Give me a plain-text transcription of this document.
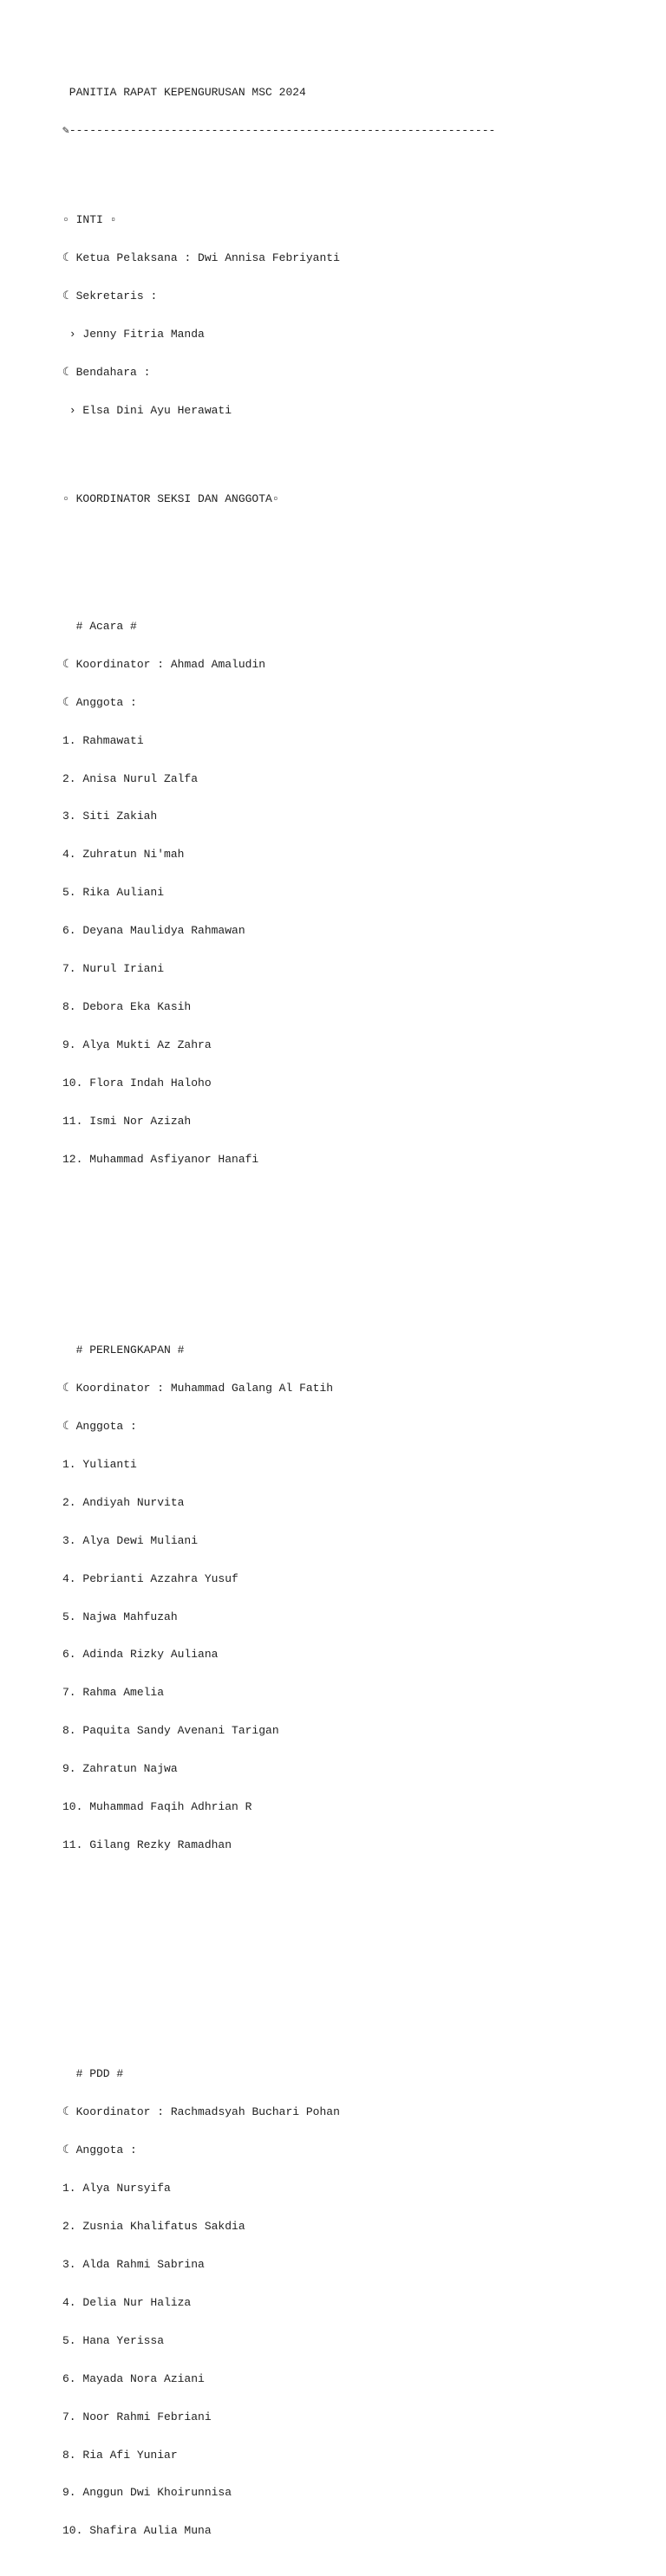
PANITIA RAPAT KEPENGURUSAN MSC 2024

✎---------------------------------------------------------------

▫ INTI ▫

☾ Ketua Pelaksana : Dwi Annisa Febriyanti

☾ Sekretaris :

› Jenny Fitria Manda

☾ Bendahara :

› Elsa Dini Ayu Herawati

▫ KOORDINATOR SEKSI DAN ANGGOTA▫

# Acara #

☾ Koordinator : Ahmad Amaludin

☾ Anggota :

1. Rahmawati

2. Anisa Nurul Zalfa

3. Siti Zakiah

4. Zuhratun Ni'mah

5. Rika Auliani

6. Deyana Maulidya Rahmawan

7. Nurul Iriani

8. Debora Eka Kasih

9. Alya Mukti Az Zahra

10. Flora Indah Haloho

11. Ismi Nor Azizah

12. Muhammad Asfiyanor Hanafi

# PERLENGKAPAN #

☾ Koordinator : Muhammad Galang Al Fatih

☾ Anggota :

1. Yulianti

2. Andiyah Nurvita

3. Alya Dewi Muliani

4. Pebrianti Azzahra Yusuf

5. Najwa Mahfuzah

6. Adinda Rizky Auliana

7. Rahma Amelia

8. Paquita Sandy Avenani Tarigan

9. Zahratun Najwa

10. Muhammad Faqih Adhrian R

11. Gilang Rezky Ramadhan

# PDD #

☾ Koordinator : Rachmadsyah Buchari Pohan

☾ Anggota :

1. Alya Nursyifa

2. Zusnia Khalifatus Sakdia

3. Alda Rahmi Sabrina

4. Delia Nur Haliza

5. Hana Yerissa

6. Mayada Nora Aziani

7. Noor Rahmi Febriani

8. Ria Afi Yuniar

9. Anggun Dwi Khoirunnisa

10. Shafira Aulia Muna
